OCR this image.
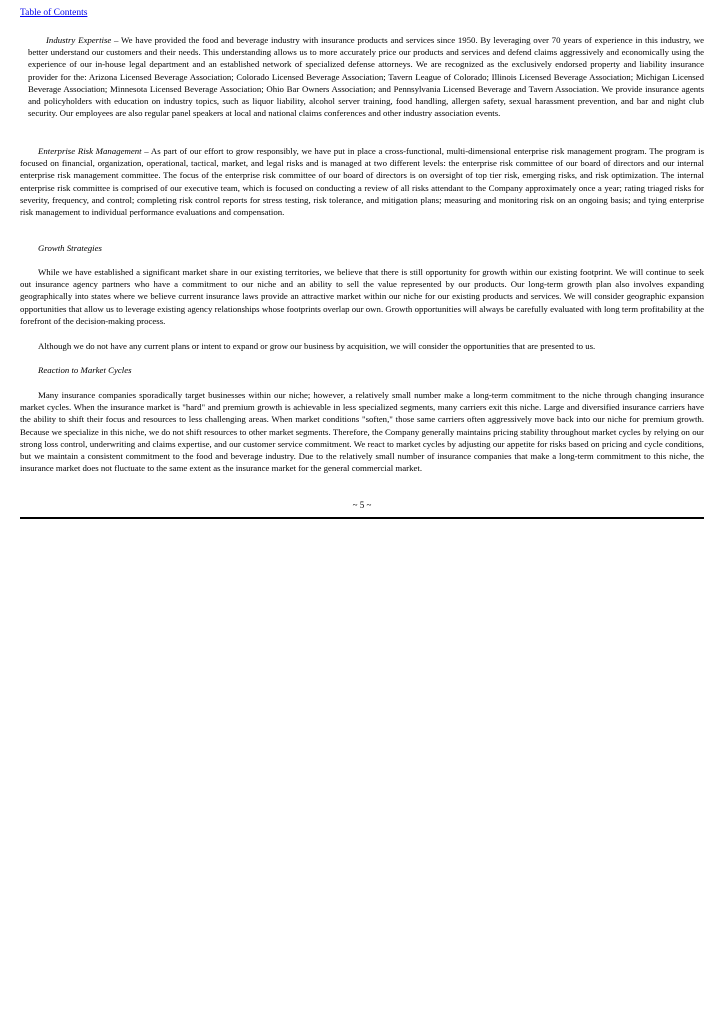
Table of Contents

Industry Expertise – We have provided the food and beverage industry with insurance products and services since 1950. By leveraging over 70 years of experience in this industry, we better understand our customers and their needs. This understanding allows us to more accurately price our products and services and defend claims aggressively and economically using the experience of our in-house legal department and an established network of specialized defense attorneys. We are recognized as the exclusively endorsed property and liability insurance provider for the: Arizona Licensed Beverage Association; Colorado Licensed Beverage Association; Tavern League of Colorado; Illinois Licensed Beverage Association; Michigan Licensed Beverage Association; Minnesota Licensed Beverage Association; Ohio Bar Owners Association; and Pennsylvania Licensed Beverage and Tavern Association. We provide insurance agents and policyholders with education on industry topics, such as liquor liability, alcohol server training, food handling, allergen safety, sexual harassment prevention, and bar and night club security. Our employees are also regular panel speakers at local and national claims conferences and other industry association events.

Enterprise Risk Management – As part of our effort to grow responsibly, we have put in place a cross-functional, multi-dimensional enterprise risk management program. The program is focused on financial, organization, operational, tactical, market, and legal risks and is managed at two different levels: the enterprise risk committee of our board of directors and our internal enterprise risk management committee. The focus of the enterprise risk committee of our board of directors is on oversight of top tier risk, emerging risks, and risk optimization. The internal enterprise risk committee is comprised of our executive team, which is focused on conducting a review of all risks attendant to the Company approximately once a year; rating triaged risks for severity, frequency, and control; completing risk control reports for stress testing, risk tolerance, and mitigation plans; measuring and monitoring risk on an ongoing basis; and tying enterprise risk management to individual performance evaluations and compensation.

Growth Strategies

While we have established a significant market share in our existing territories, we believe that there is still opportunity for growth within our existing footprint. We will continue to seek out insurance agency partners who have a commitment to our niche and an ability to sell the value represented by our products. Our long-term growth plan also involves expanding geographically into states where we believe current insurance laws provide an attractive market within our niche for our existing products and services. We will consider geographic expansion opportunities that allow us to leverage existing agency relationships whose footprints overlap our own. Growth opportunities will always be carefully evaluated with long term profitability at the forefront of the decision-making process.

Although we do not have any current plans or intent to expand or grow our business by acquisition, we will consider the opportunities that are presented to us.

Reaction to Market Cycles

Many insurance companies sporadically target businesses within our niche; however, a relatively small number make a long-term commitment to the niche through changing insurance market cycles. When the insurance market is "hard" and premium growth is achievable in less specialized segments, many carriers exit this niche. Large and diversified insurance carriers have the ability to shift their focus and resources to less challenging areas. When market conditions "soften," those same carriers often aggressively move back into our niche for premium growth. Because we specialize in this niche, we do not shift resources to other market segments. Therefore, the Company generally maintains pricing stability throughout market cycles by relying on our strong loss control, underwriting and claims expertise, and our customer service commitment. We react to market cycles by adjusting our appetite for risks based on pricing and cycle conditions, but we maintain a consistent commitment to the food and beverage industry. Due to the relatively small number of insurance companies that make a long-term commitment to this niche, the insurance market does not fluctuate to the same extent as the insurance market for the general commercial market.

~ 5 ~
